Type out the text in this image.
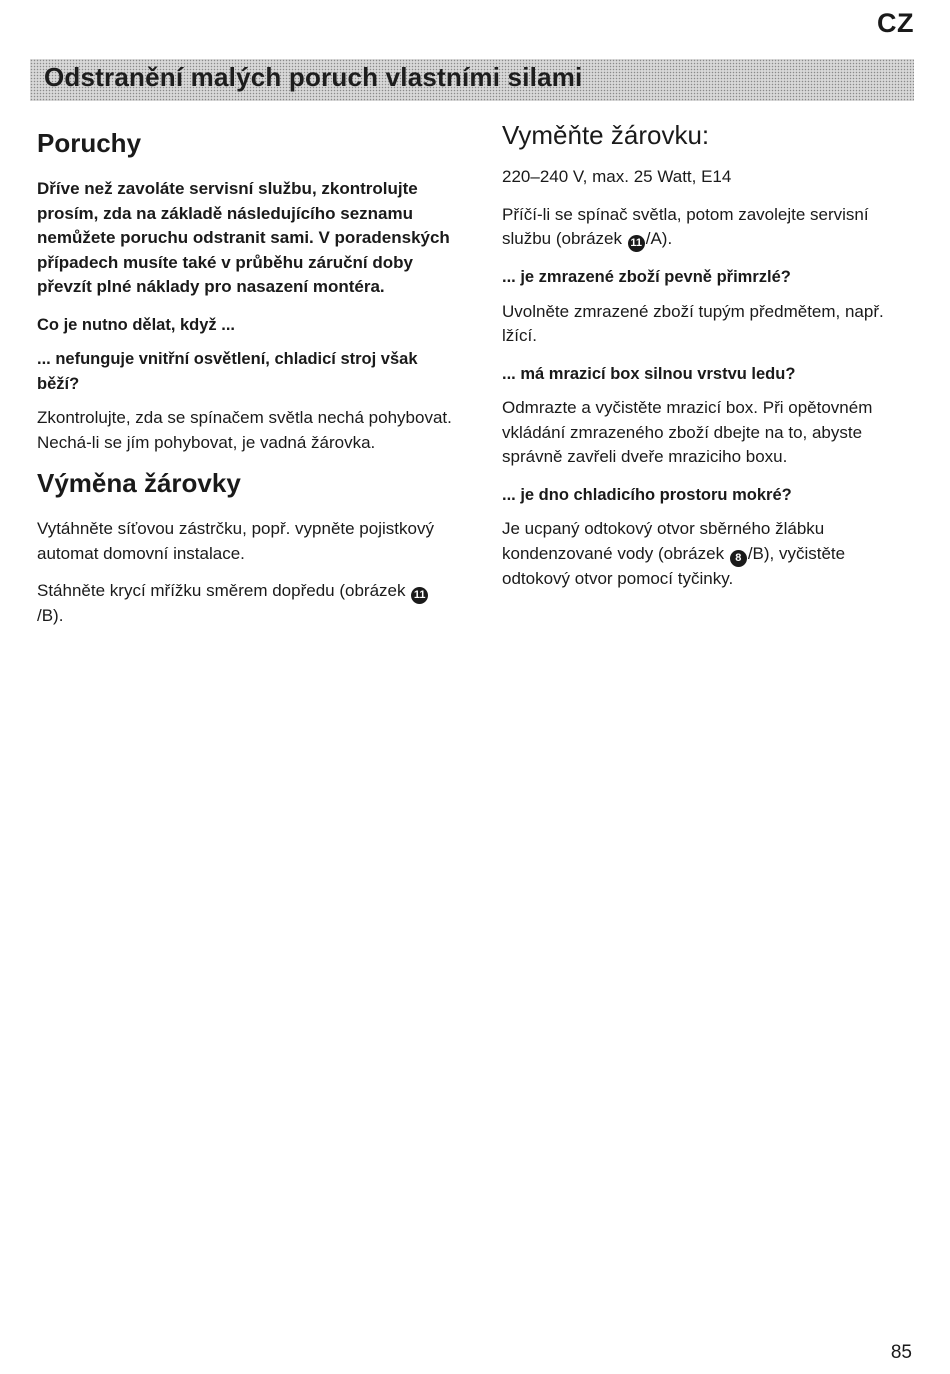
CZ
Odstranění malých poruch vlastními silami
Poruchy

Dříve než zavoláte servisní službu, zkontrolujte prosím, zda na základě následujícího seznamu nemůžete poruchu odstranit sami. V poradenských případech musíte také v průběhu záruční doby převzít plné náklady pro nasazení montéra.

Co je nutno dělat, když ...

... nefunguje vnitřní osvětlení, chladicí stroj však běží?

Zkontrolujte, zda se spínačem světla nechá pohybovat. Nechá-li se jím pohybovat, je vadná žárovka.

Výměna žárovky

Vytáhněte síťovou zástrčku, popř. vypněte pojistkový automat domovní instalace.

Stáhněte krycí mřížku směrem dopředu (obrázek 11/B).

Vyměňte žárovku:

220–240 V, max. 25 Watt, E14

Příčí-li se spínač světla, potom zavolejte servisní službu (obrázek 11 /A).

... je zmrazené zboží pevně přimrzlé?

Uvolněte zmrazené zboží tupým předmětem, např. lžící.

... má mrazicí box silnou vrstvu ledu?

Odmrazte a vyčistěte mrazicí box. Při opětovném vkládání zmrazeného zboží dbejte na to, abyste správně zavřeli dveře mraziciho boxu.

... je dno chladicího prostoru mokré?

Je ucpaný odtokový otvor sběrného žlábku kondenzované vody (obrázek 8 /B), vyčistěte odtokový otvor pomocí tyčinky.

85
